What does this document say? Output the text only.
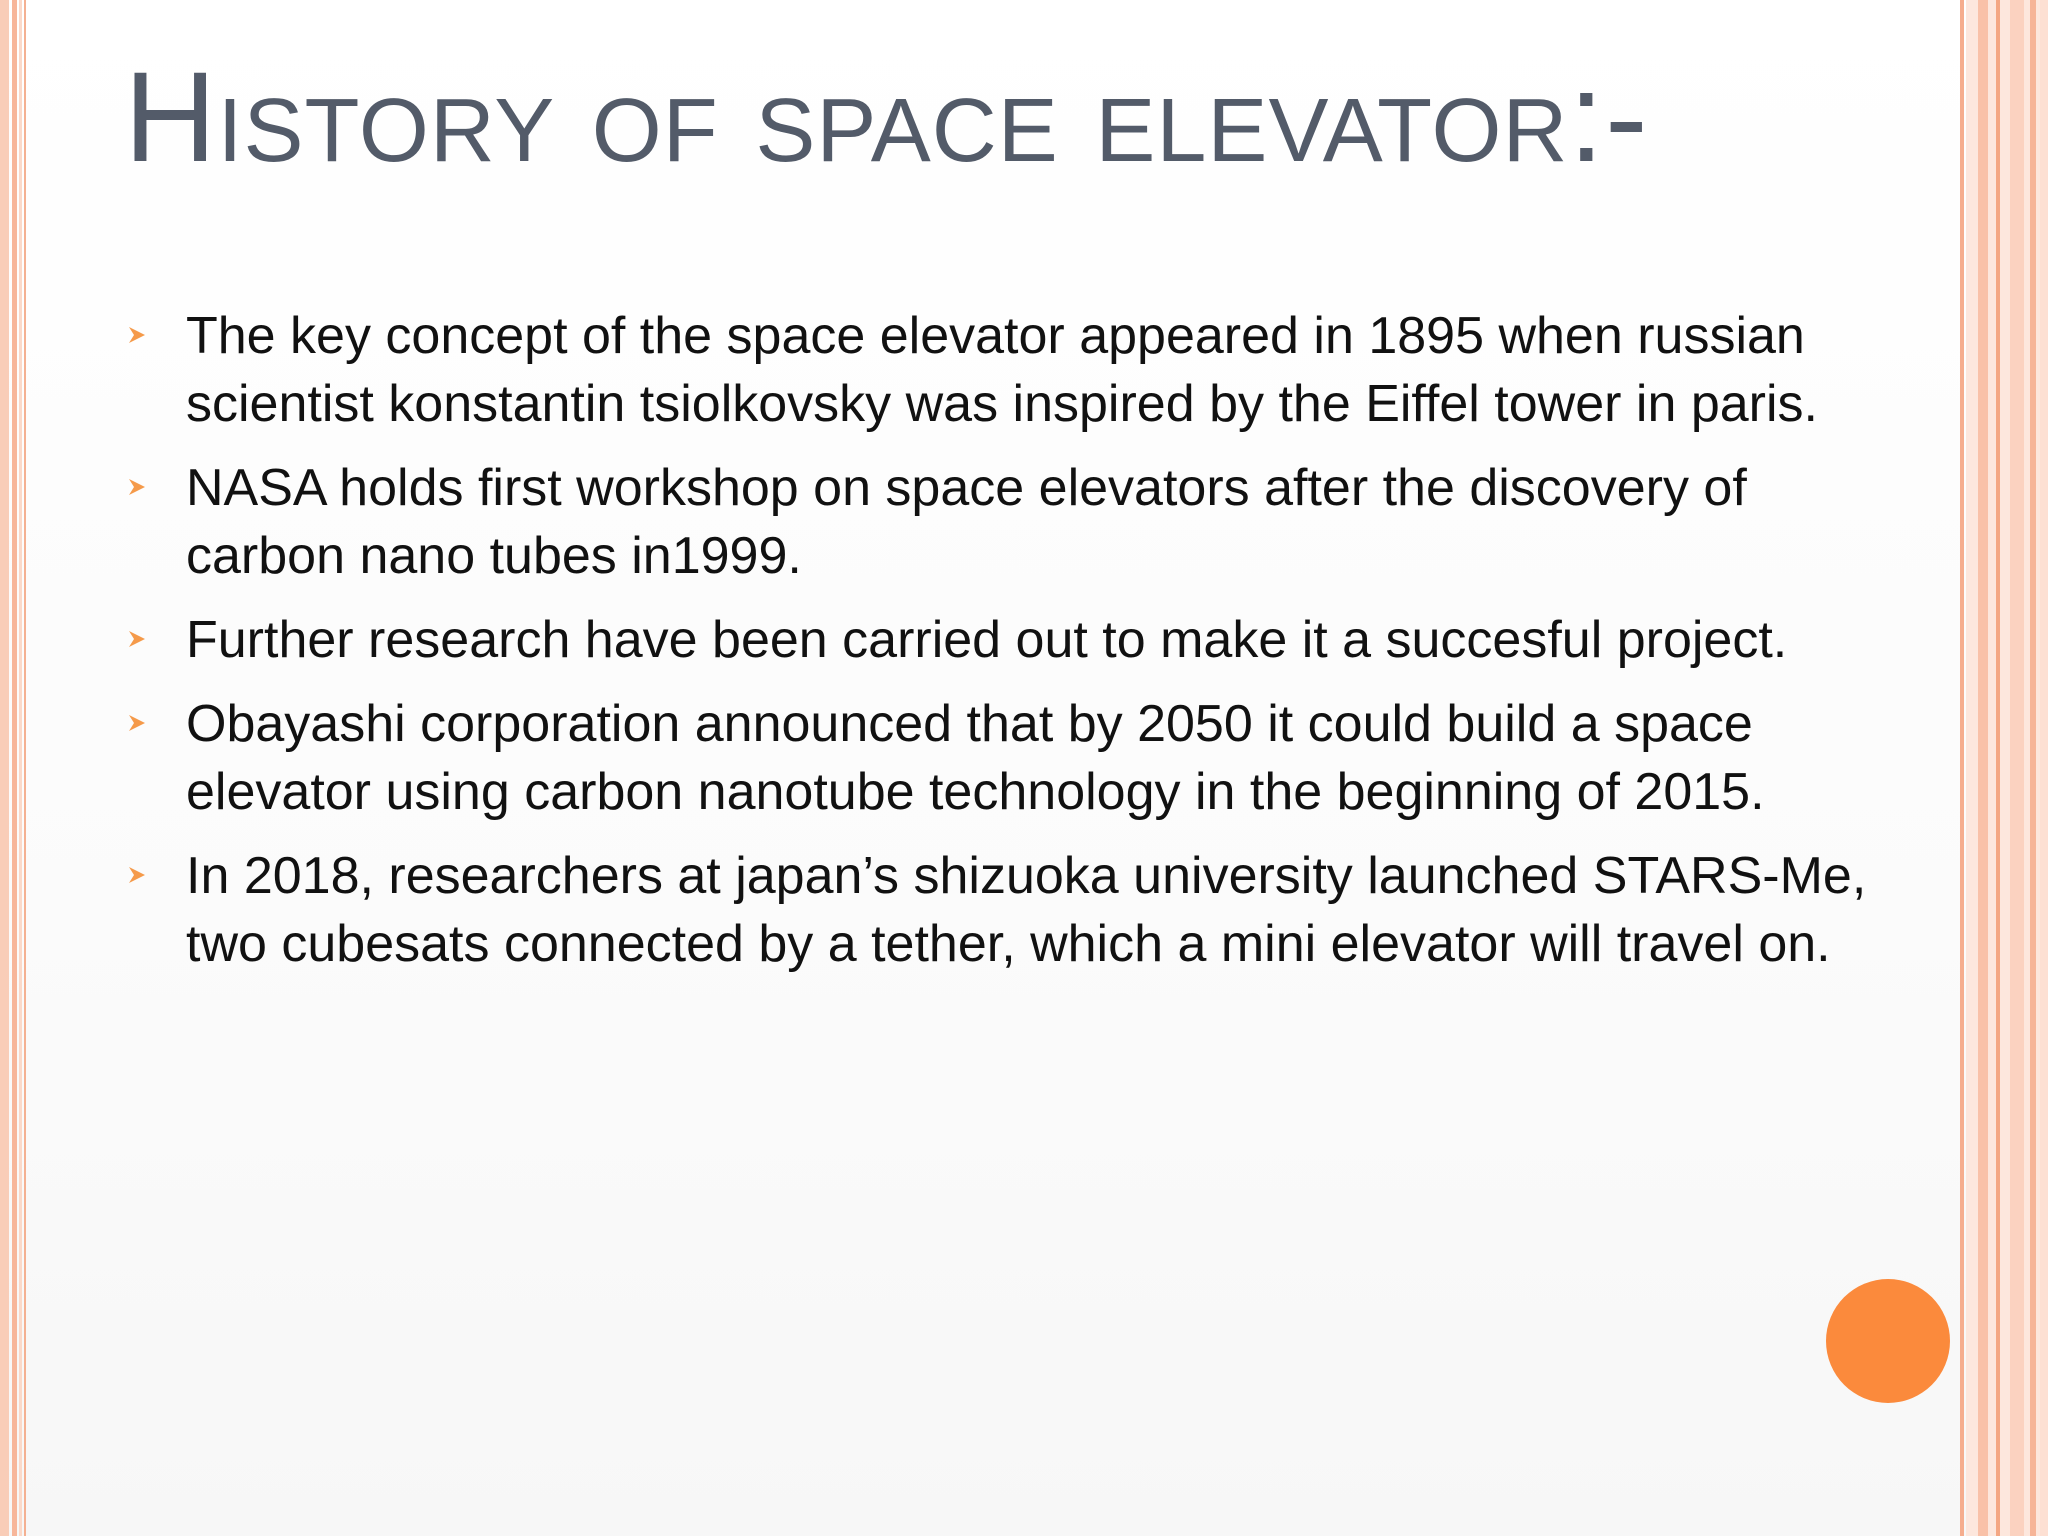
History of space elevator:-
The key concept of the space elevator appeared in 1895 when russian scientist konstantin tsiolkovsky was inspired by the Eiffel tower in paris.
NASA holds first workshop on space elevators after the discovery of carbon nano tubes in1999.
Further research have been carried out to make it a succesful project.
Obayashi corporation announced that by 2050 it could build a space elevator using carbon nanotube technology in the beginning of 2015.
In 2018, researchers at japan’s shizuoka university launched STARS-Me, two cubesats connected by a tether, which a mini elevator will travel on.
